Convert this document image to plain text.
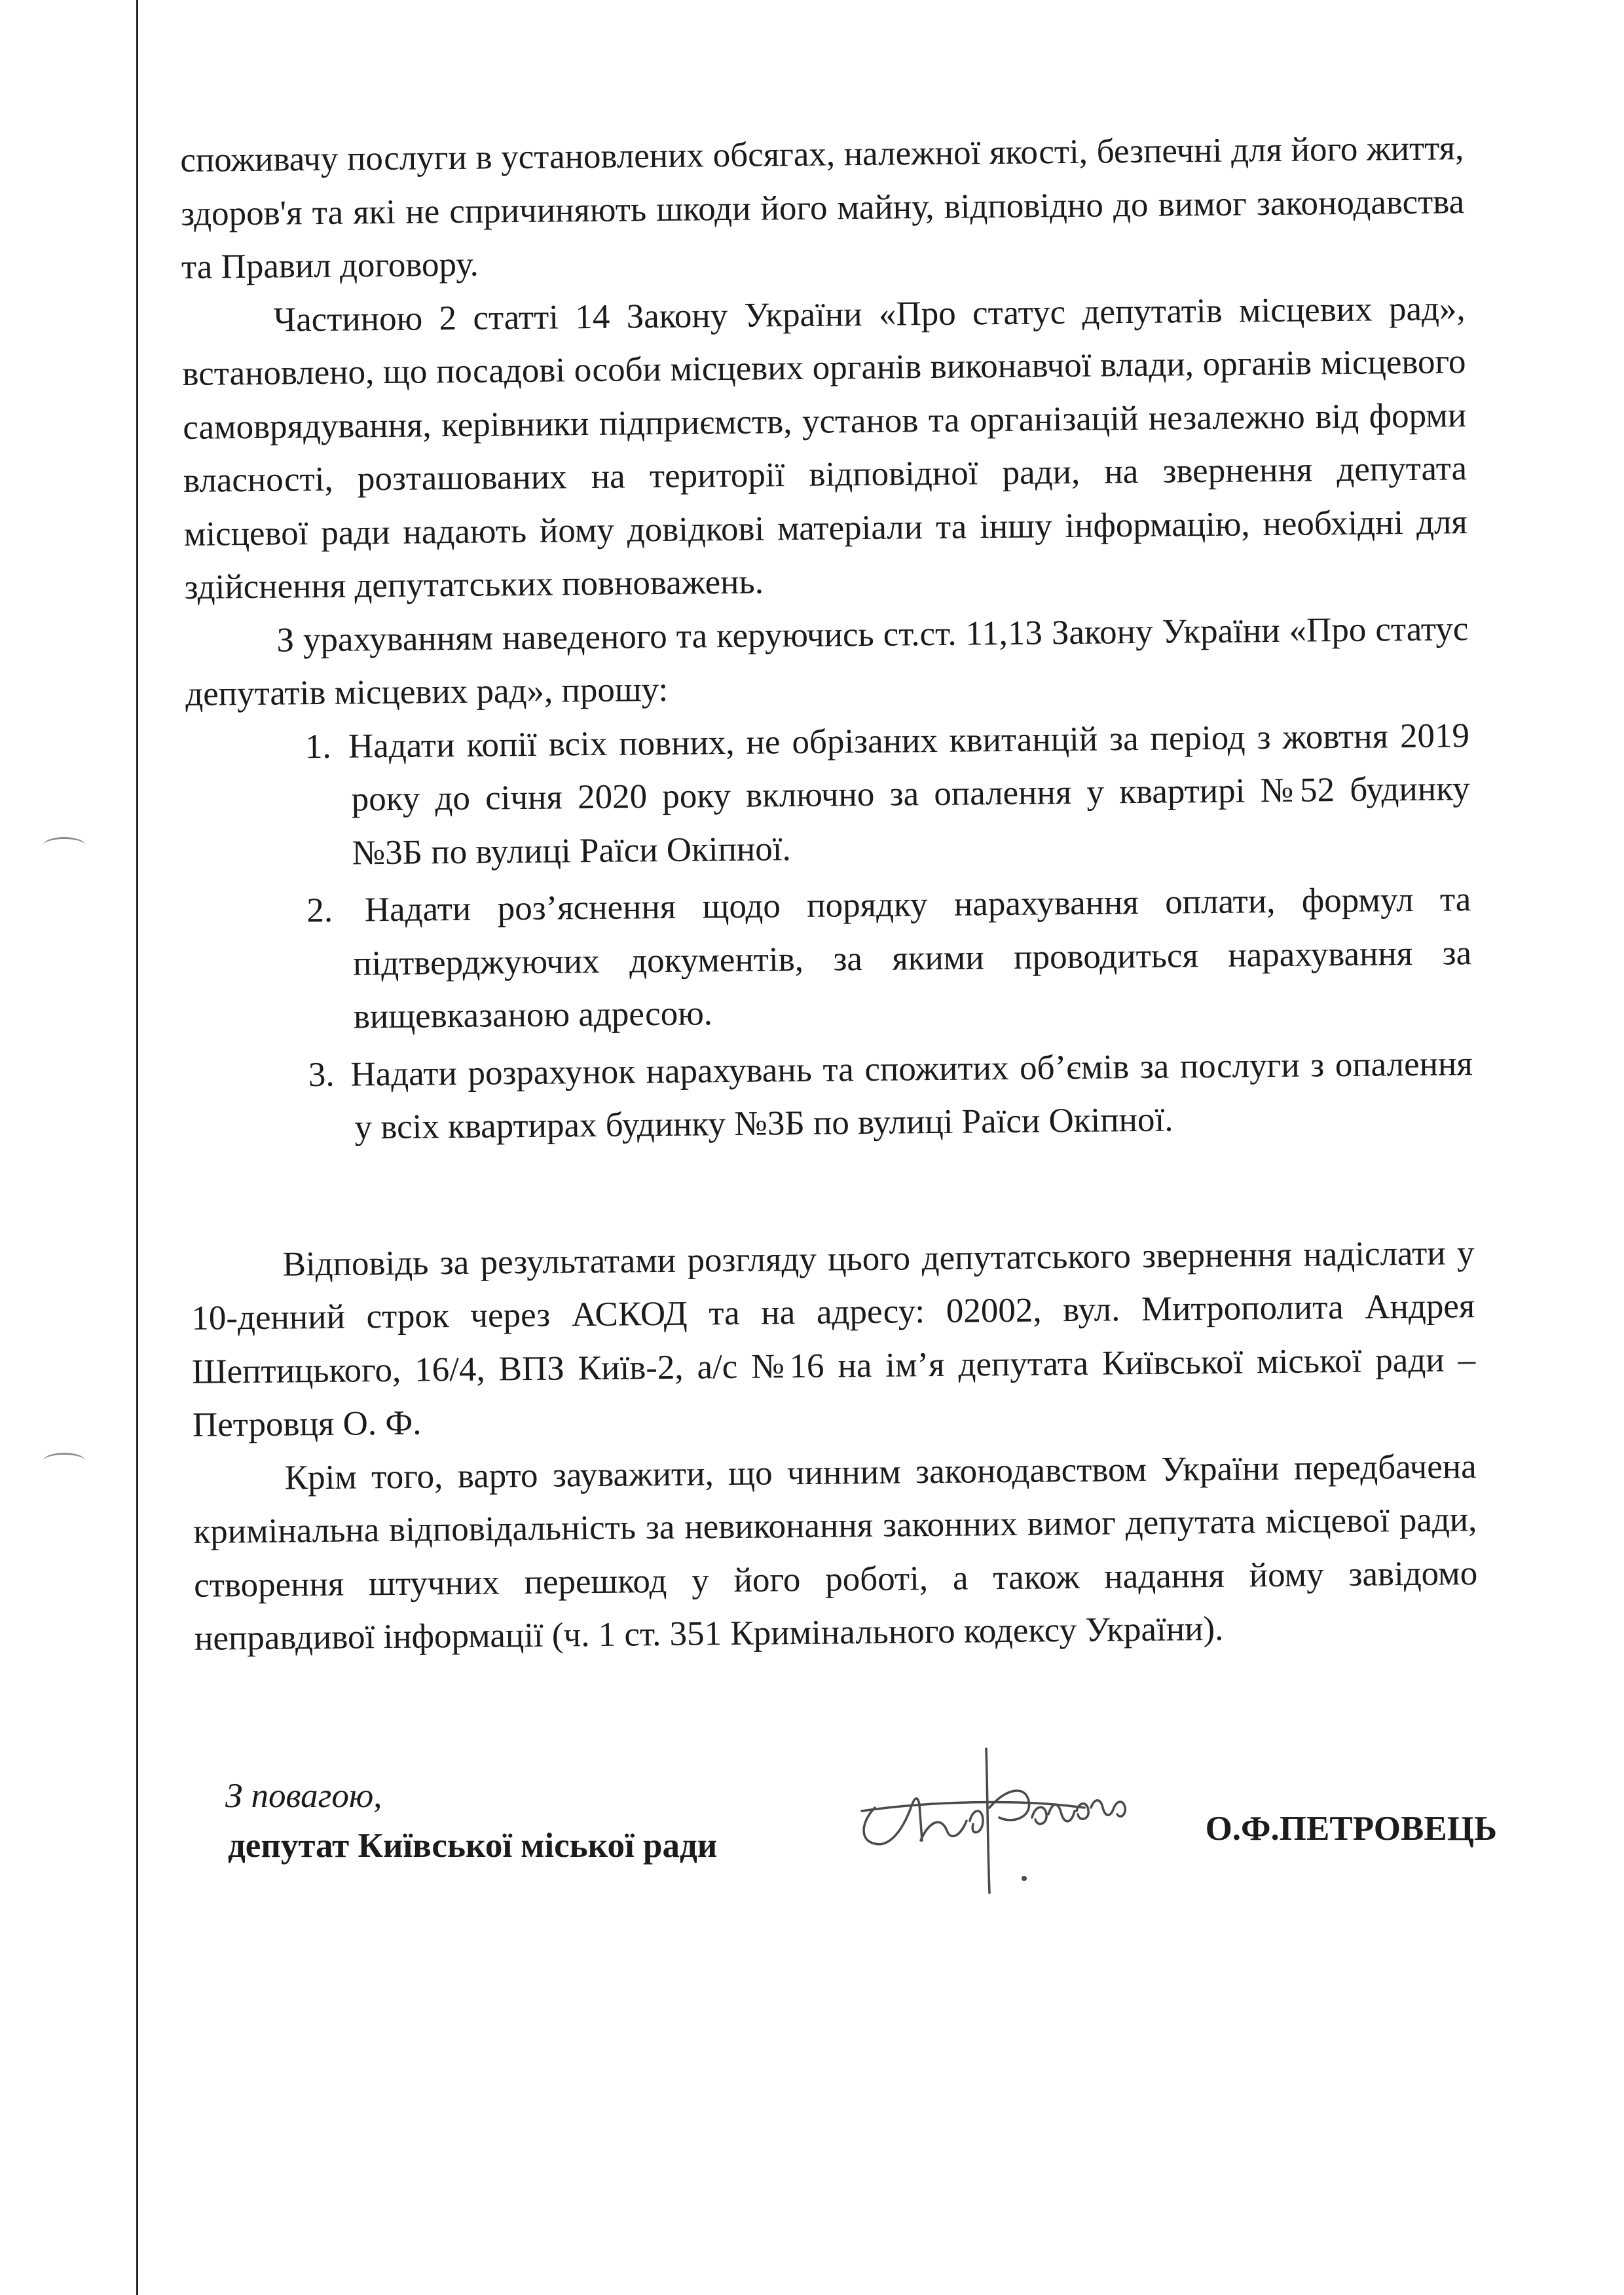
споживачу послуги в установлених обсягах, належної якості, безпечні для його життя, здоров'я та які не спричиняють шкоди його майну, відповідно до вимог законодавства та Правил договору.

Частиною 2 статті 14 Закону України «Про статус депутатів місцевих рад», встановлено, що посадові особи місцевих органів виконавчої влади, органів місцевого самоврядування, керівники підприємств, установ та організацій незалежно від форми власності, розташованих на території відповідної ради, на звернення депутата місцевої ради надають йому довідкові матеріали та іншу інформацію, необхідні для здійснення депутатських повноважень.

З урахуванням наведеного та керуючись ст.ст. 11,13 Закону України «Про статус депутатів місцевих рад», прошу:

1. Надати копії всіх повних, не обрізаних квитанцій за період з жовтня 2019 року до січня 2020 року включно за опалення у квартирі №52 будинку №3Б по вулиці Раїси Окіпної.
2. Надати роз’яснення щодо порядку нарахування оплати, формул та підтверджуючих документів, за якими проводиться нарахування за вищевказаною адресою.
3. Надати розрахунок нарахувань та спожитих об’ємів за послуги з опалення у всіх квартирах будинку №3Б по вулиці Раїси Окіпної.

Відповідь за результатами розгляду цього депутатського звернення надіслати у 10-денний строк через АСКОД та на адресу: 02002, вул. Митрополита Андрея Шептицького, 16/4, ВПЗ Київ-2, а/с №16 на ім’я депутата Київської міської ради – Петровця О. Ф.

Крім того, варто зауважити, що чинним законодавством України передбачена кримінальна відповідальність за невиконання законних вимог депутата місцевої ради, створення штучних перешкод у його роботі, а також надання йому завідомо неправдивої інформації (ч. 1 ст. 351 Кримінального кодексу України).

З повагою,
депутат Київської міської ради	О.Ф.ПЕТРОВЕЦЬ
